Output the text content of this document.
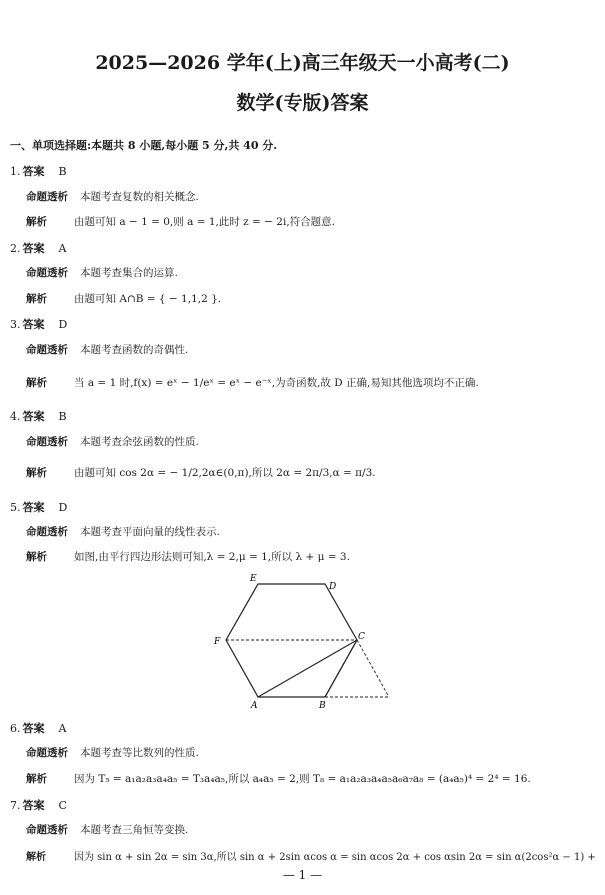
2025—2026 学年(上)高三年级天一小高考(二)
数学(专版)答案
一、单项选择题:本题共 8 小题,每小题 5 分,共 40 分.
1. 答案 B
命题透析 本题考查复数的相关概念.
解析	由题可知 a − 1 = 0,则 a = 1,此时 z = − 2i,符合题意.
2. 答案 A
命题透析 本题考查集合的运算.
解析	由题可知 A∩B = { − 1,1,2 }.
3. 答案 D
命题透析 本题考查函数的奇偶性.
解析	当 a = 1 时,f(x) = eˣ − 1/eˣ = eˣ − e⁻ˣ,为奇函数,故 D 正确,易知其他选项均不正确.
4. 答案 B
命题透析 本题考查余弦函数的性质.
解析	由题可知 cos 2α = − 1/2,2α∈(0,π),所以 2α = 2π/3,α = π/3.
5. 答案 D
命题透析 本题考查平面向量的线性表示.
解析	如图,由平行四边形法则可知,λ = 2,μ = 1,所以 λ + μ = 3.
E
D
C
F
A	B
6. 答案 A
命题透析 本题考查等比数列的性质.
解析	因为 T₅ = a₁a₂a₃a₄a₅ = T₃a₄a₅,所以 a₄a₅ = 2,则 T₈ = a₁a₂a₃a₄a₅a₆a₇a₈ = (a₄a₅)⁴ = 2⁴ = 16.
7. 答案 C
命题透析 本题考查三角恒等变换.
解析	因为 sin α + sin 2α = sin 3α,所以 sin α + 2sin αcos α = sin αcos 2α + cos αsin 2α = sin α(2cos²α − 1) +
— 1 —
